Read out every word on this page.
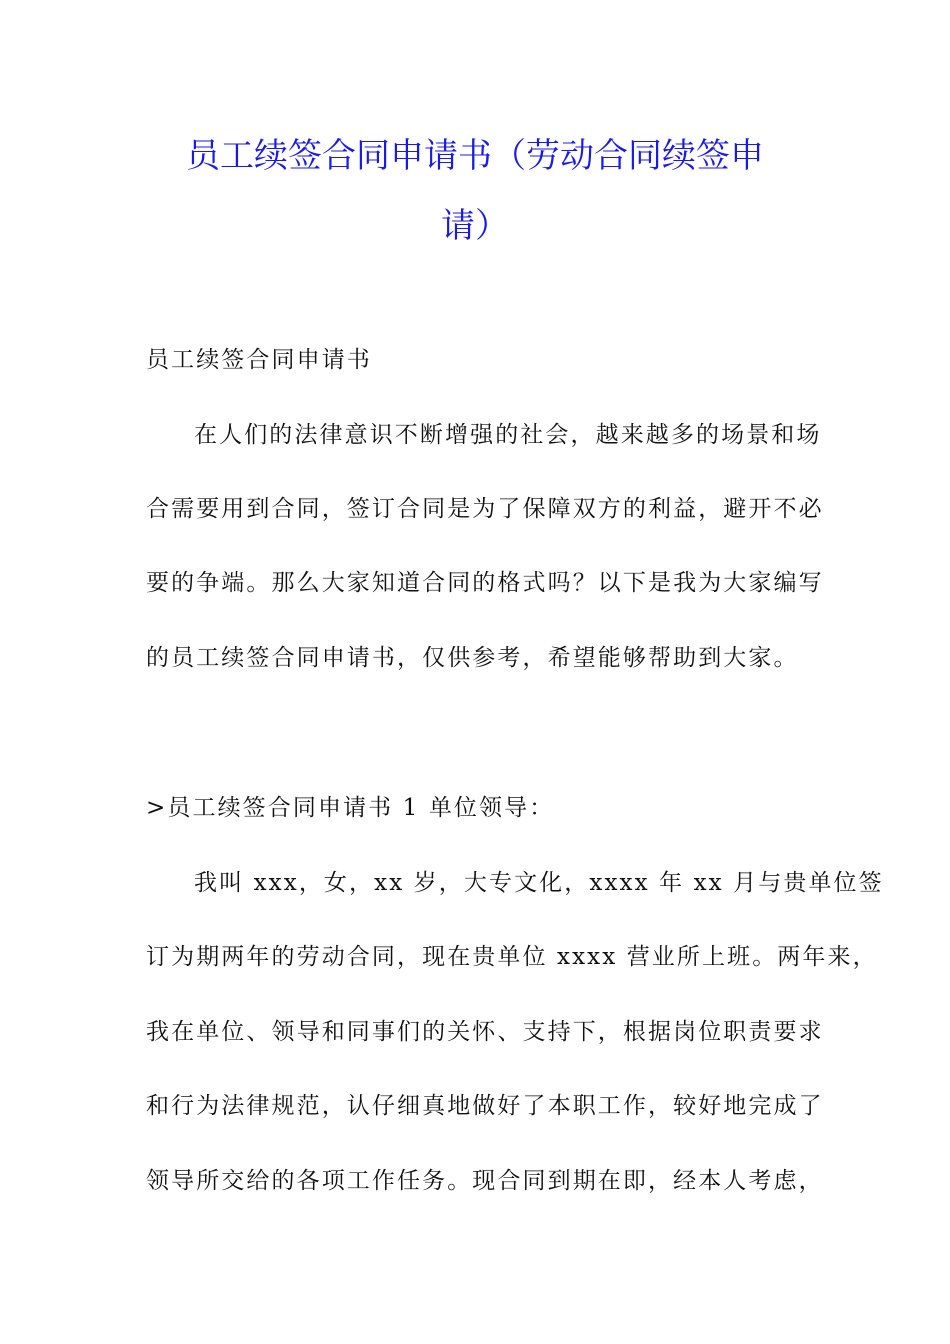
员工续签合同申请书（劳动合同续签申
请）
员工续签合同申请书
在人们的法律意识不断增强的社会，越来越多的场景和场
合需要用到合同，签订合同是为了保障双方的利益，避开不必
要的争端。那么大家知道合同的格式吗？以下是我为大家编写
的员工续签合同申请书，仅供参考，希望能够帮助到大家。
>员工续签合同申请书 1 单位领导：
我叫 xxx，女，xx 岁，大专文化，xxxx 年 xx 月与贵单位签
订为期两年的劳动合同，现在贵单位 xxxx 营业所上班。两年来，
我在单位、领导和同事们的关怀、支持下，根据岗位职责要求
和行为法律规范，认仔细真地做好了本职工作，较好地完成了
领导所交给的各项工作任务。现合同到期在即，经本人考虑，
